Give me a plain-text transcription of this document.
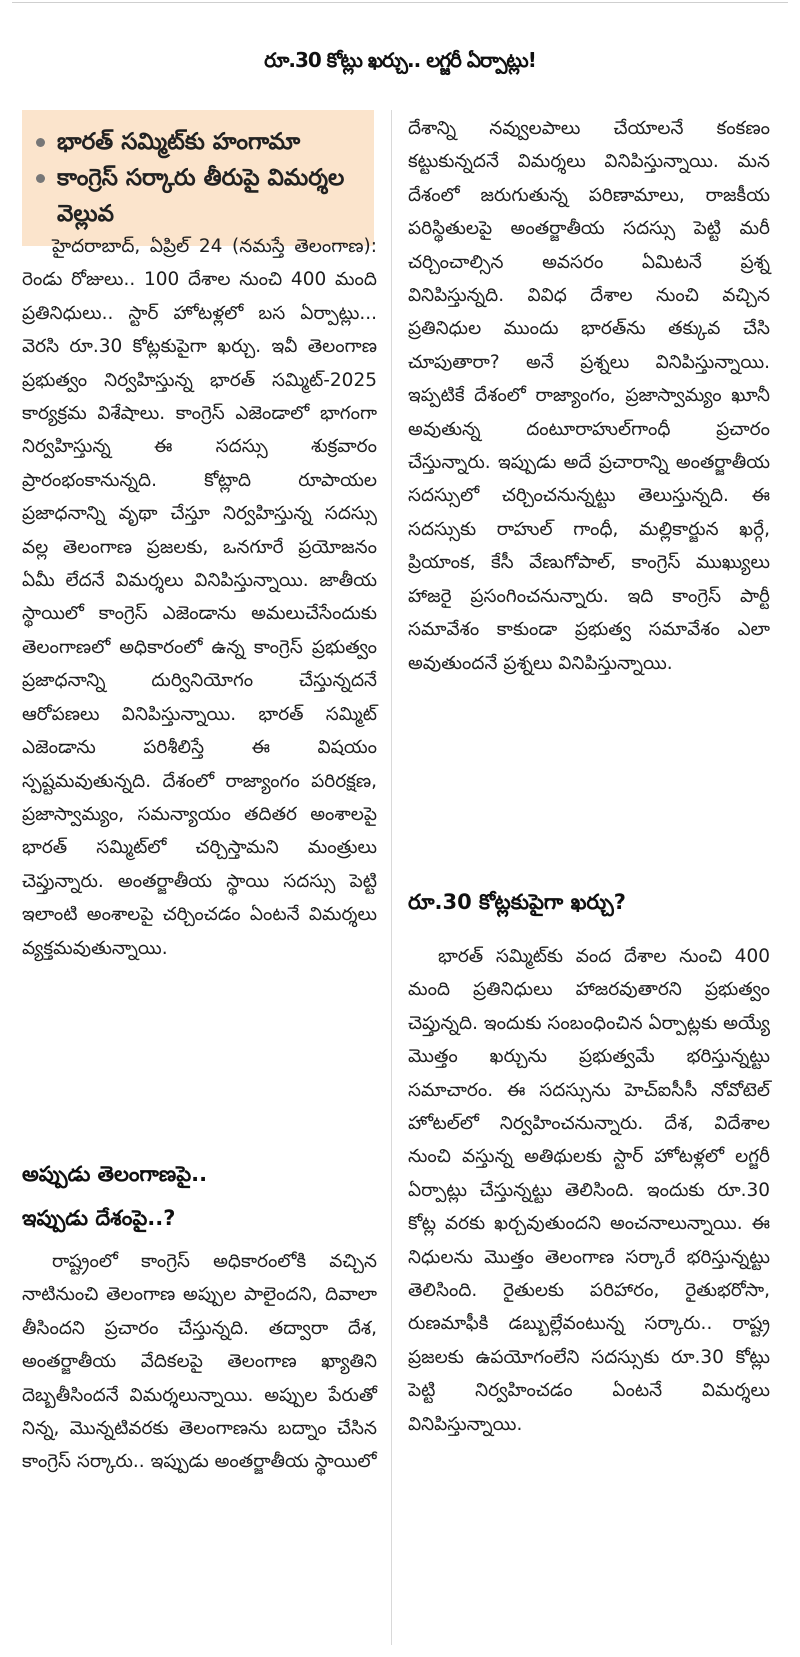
రూ.30 కోట్లు ఖర్చు.. లగ్జరీ ఏర్పాట్లు!
భారత్ సమ్మిట్‌కు హంగామా
కాంగ్రెస్ సర్కారు తీరుపై విమర్శల వెల్లువ

హైదరాబాద్, ఏప్రిల్ 24 (నమస్తే తెలంగాణ): రెండు రోజులు.. 100 దేశాల నుంచి 400 మంది ప్రతినిధులు.. స్టార్ హోటళ్లలో బస ఏర్పాట్లు... వెరసి రూ.30 కోట్లకుపైగా ఖర్చు. ఇవీ తెలంగాణ ప్రభుత్వం నిర్వహిస్తున్న భారత్ సమ్మిట్-2025 కార్యక్రమ విశేషాలు. కాంగ్రెస్ ఎజెండాలో భాగంగా నిర్వహిస్తున్న ఈ సదస్సు శుక్రవారం ప్రారంభంకానున్నది. కోట్లాది రూపాయల ప్రజాధనాన్ని వృథా చేస్తూ నిర్వహిస్తున్న సదస్సు వల్ల తెలంగాణ ప్రజలకు, ఒనగూరే ప్రయోజనం ఏమీ లేదనే విమర్శలు వినిపిస్తున్నాయి. జాతీయ స్థాయిలో కాంగ్రెస్ ఎజెండాను అమలుచేసేందుకు తెలంగాణలో అధికారంలో ఉన్న కాంగ్రెస్ ప్రభుత్వం ప్రజాధనాన్ని దుర్వినియోగం చేస్తున్నదనే ఆరోపణలు వినిపిస్తున్నాయి. భారత్ సమ్మిట్ ఎజెండాను పరిశీలిస్తే ఈ విషయం స్పష్టమవుతున్నది. దేశంలో రాజ్యాంగం పరిరక్షణ, ప్రజాస్వామ్యం, సమన్యాయం తదితర అంశాలపై భారత్ సమ్మిట్‌లో చర్చిస్తామని మంత్రులు చెప్తున్నారు. అంతర్జాతీయ స్థాయి సదస్సు పెట్టి ఇలాంటి అంశాలపై చర్చించడం ఏంటనే విమర్శలు వ్యక్తమవుతున్నాయి.

అప్పుడు తెలంగాణపై..
ఇప్పుడు దేశంపై..?

రాష్ట్రంలో కాంగ్రెస్ అధికారంలోకి వచ్చిన నాటినుంచి తెలంగాణ అప్పుల పాలైందని, దివాలా తీసిందని ప్రచారం చేస్తున్నది. తద్వారా దేశ, అంతర్జాతీయ వేదికలపై తెలంగాణ ఖ్యాతిని దెబ్బతీసిందనే విమర్శలున్నాయి. అప్పుల పేరుతో నిన్న, మొన్నటివరకు తెలంగాణను బద్నాం చేసిన కాంగ్రెస్ సర్కారు.. ఇప్పుడు అంతర్జాతీయ స్థాయిలో

దేశాన్ని నవ్వులపాలు చేయాలనే కంకణం కట్టుకున్నదనే విమర్శలు వినిపిస్తున్నాయి. మన దేశంలో జరుగుతున్న పరిణామాలు, రాజకీయ పరిస్థితులపై అంతర్జాతీయ సదస్సు పెట్టి మరీ చర్చించాల్సిన అవసరం ఏమిటనే ప్రశ్న వినిపిస్తున్నది. వివిధ దేశాల నుంచి వచ్చిన ప్రతినిధుల ముందు భారత్‌ను తక్కువ చేసి చూపుతారా? అనే ప్రశ్నలు వినిపిస్తున్నాయి. ఇప్పటికే దేశంలో రాజ్యాంగం, ప్రజాస్వామ్యం ఖూనీ అవుతున్న దంటూరాహుల్‌గాంధీ ప్రచారం చేస్తున్నారు. ఇప్పుడు అదే ప్రచారాన్ని అంతర్జాతీయ సదస్సులో చర్చించనున్నట్టు తెలుస్తున్నది. ఈ సదస్సుకు రాహుల్ గాంధీ, మల్లికార్జున ఖర్గే, ప్రియాంక, కేసీ వేణుగోపాల్, కాంగ్రెస్ ముఖ్యులు హాజరై ప్రసంగించనున్నారు. ఇది కాంగ్రెస్ పార్టీ సమావేశం కాకుండా ప్రభుత్వ సమావేశం ఎలా అవుతుందనే ప్రశ్నలు వినిపిస్తున్నాయి.

రూ.30 కోట్లకుపైగా ఖర్చు?

భారత్ సమ్మిట్‌కు వంద దేశాల నుంచి 400 మంది ప్రతినిధులు హాజరవుతారని ప్రభుత్వం చెప్తున్నది. ఇందుకు సంబంధించిన ఏర్పాట్లకు అయ్యే మొత్తం ఖర్చును ప్రభుత్వమే భరిస్తున్నట్టు సమాచారం. ఈ సదస్సును హెచ్ఐసీసీ నోవోటెల్ హోటల్‌లో నిర్వహించనున్నారు. దేశ, విదేశాల నుంచి వస్తున్న అతిథులకు స్టార్ హోటళ్లలో లగ్జరీ ఏర్పాట్లు చేస్తున్నట్టు తెలిసింది. ఇందుకు రూ.30 కోట్ల వరకు ఖర్చవుతుందని అంచనాలున్నాయి. ఈ నిధులను మొత్తం తెలంగాణ సర్కారే భరిస్తున్నట్టు తెలిసింది. రైతులకు పరిహారం, రైతుభరోసా, రుణమాఫీకి డబ్బుల్లేవంటున్న సర్కారు.. రాష్ట్ర ప్రజలకు ఉపయోగంలేని సదస్సుకు రూ.30 కోట్లు పెట్టి నిర్వహించడం ఏంటనే విమర్శలు వినిపిస్తున్నాయి.
